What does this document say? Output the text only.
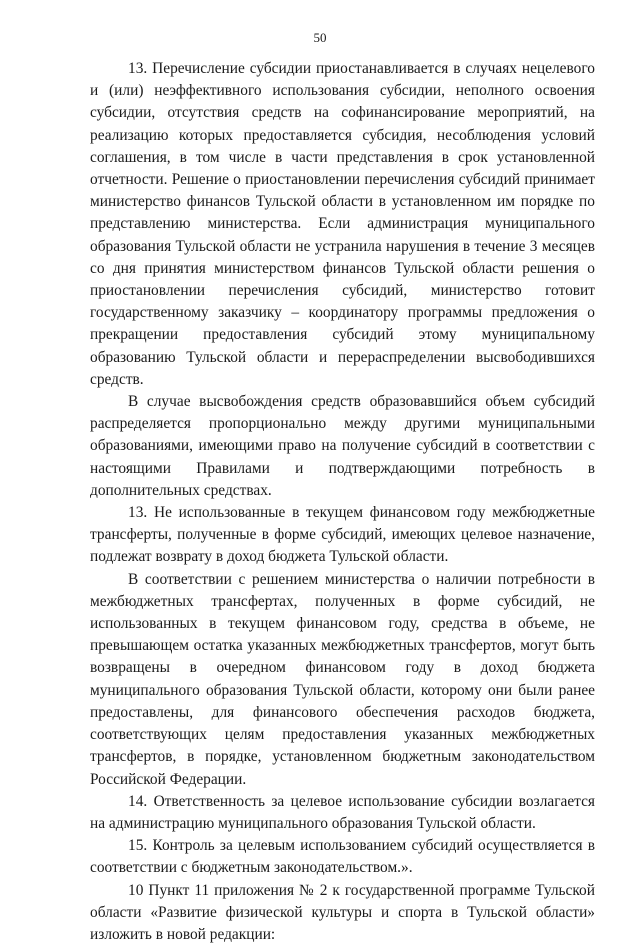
50

13. Перечисление субсидии приостанавливается в случаях нецелевого и (или) неэффективного использования субсидии, неполного освоения субсидии, отсутствия средств на софинансирование мероприятий, на реализацию которых предоставляется субсидия, несоблюдения условий соглашения, в том числе в части представления в срок установленной отчетности. Решение о приостановлении перечисления субсидий принимает министерство финансов Тульской области в установленном им порядке по представлению министерства. Если администрация муниципального образования Тульской области не устранила нарушения в течение 3 месяцев со дня принятия министерством финансов Тульской области решения о приостановлении перечисления субсидий, министерство готовит государственному заказчику – координатору программы предложения о прекращении предоставления субсидий этому муниципальному образованию Тульской области и перераспределении высвободившихся средств.

В случае высвобождения средств образовавшийся объем субсидий распределяется пропорционально между другими муниципальными образованиями, имеющими право на получение субсидий в соответствии с настоящими Правилами и подтверждающими потребность в дополнительных средствах.

13. Не использованные в текущем финансовом году межбюджетные трансферты, полученные в форме субсидий, имеющих целевое назначение, подлежат возврату в доход бюджета Тульской области.

В соответствии с решением министерства о наличии потребности в межбюджетных трансфертах, полученных в форме субсидий, не использованных в текущем финансовом году, средства в объеме, не превышающем остатка указанных межбюджетных трансфертов, могут быть возвращены в очередном финансовом году в доход бюджета муниципального образования Тульской области, которому они были ранее предоставлены, для финансового обеспечения расходов бюджета, соответствующих целям предоставления указанных межбюджетных трансфертов, в порядке, установленном бюджетным законодательством Российской Федерации.

14. Ответственность за целевое использование субсидии возлагается на администрацию муниципального образования Тульской области.

15. Контроль за целевым использованием субсидий осуществляется в соответствии с бюджетным законодательством.».

10 Пункт 11 приложения № 2 к государственной программе Тульской области «Развитие физической культуры и спорта в Тульской области» изложить в новой редакции:
